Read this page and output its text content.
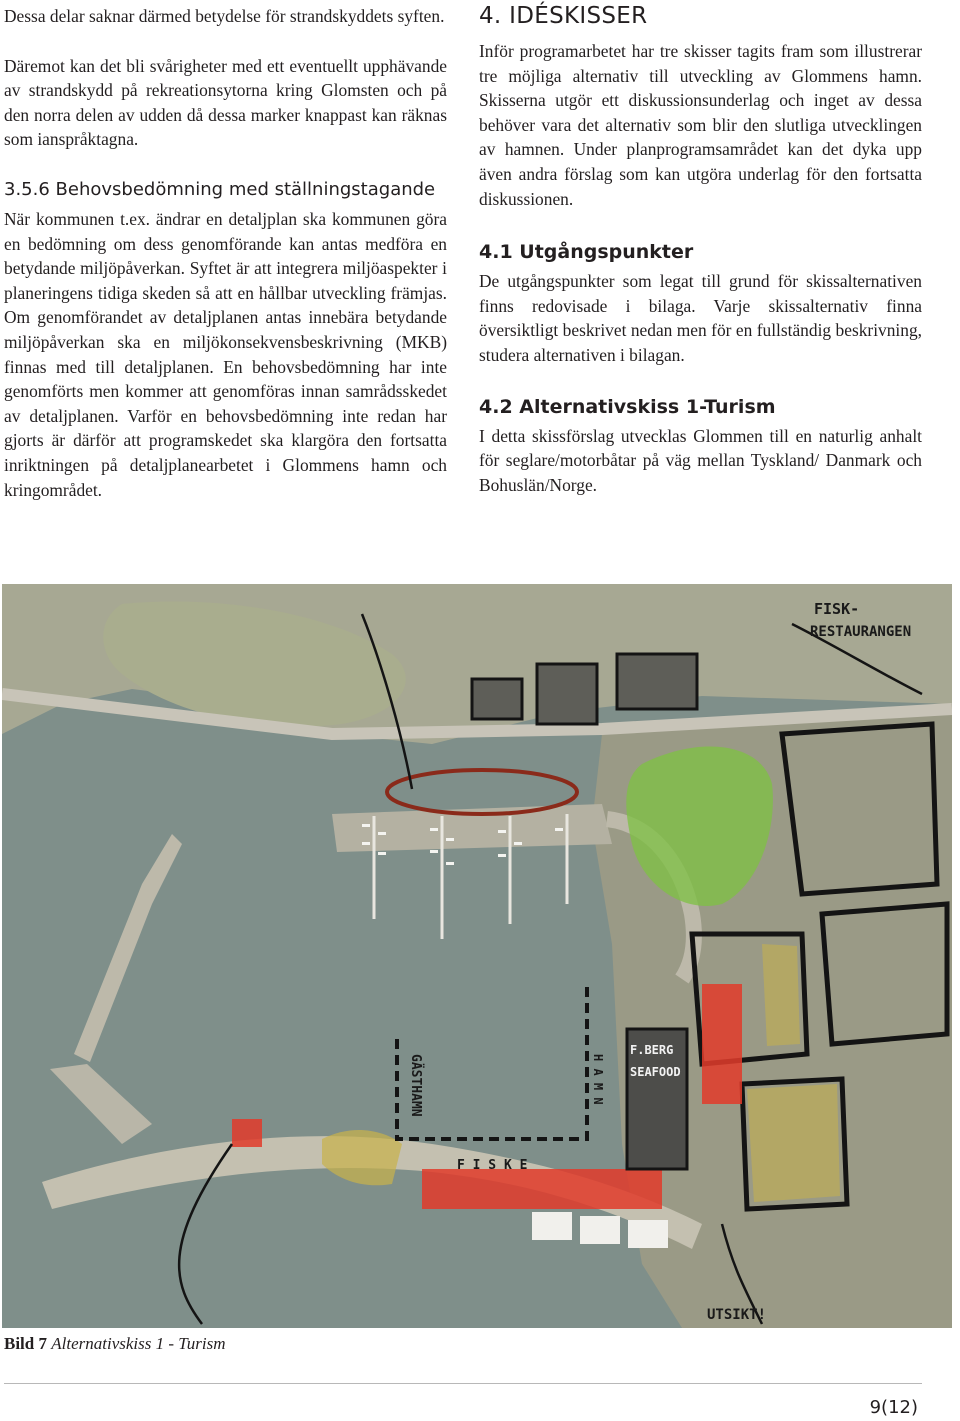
Dessa delar saknar därmed betydelse för strandskyddets syften.

Däremot kan det bli svårigheter med ett eventuellt upphävande av strandskydd på rekreationsytorna kring Glomsten och på den norra delen av udden då dessa marker knappast kan räknas som ianspråktagna.

3.5.6 Behovsbedömning med ställningstagande

När kommunen t.ex. ändrar en detaljplan ska kommunen göra en bedömning om dess genomförande kan antas medföra en betydande miljöpåverkan. Syftet är att integrera miljöaspekter i planeringens tidiga skeden så att en hållbar utveckling främjas. Om genomförandet av detaljplanen antas innebära betydande miljöpåverkan ska en miljökonsekvensbeskrivning (MKB) finnas med till detaljplanen. En behovsbedömning har inte genomförts men kommer att genomföras innan samrådsskedet av detaljplanen. Varför en behovsbedömning inte redan har gjorts är därför att programskedet ska klargöra den fortsatta inriktningen på detaljplanearbetet i Glommens hamn och kringområdet.

4. IDÉSKISSER

Inför programarbetet har tre skisser tagits fram som illustrerar tre möjliga alternativ till utveckling av Glommens hamn. Skisserna utgör ett diskussionsunderlag och inget av dessa behöver vara det alternativ som blir den slutliga utvecklingen av hamnen. Under planprogramsamrådet kan det dyka upp även andra förslag som kan utgöra underlag för den fortsatta diskussionen.

4.1 Utgångspunkter

De utgångspunkter som legat till grund för skissalternativen finns redovisade i bilaga. Varje skissalternativ finna översiktligt beskrivet nedan men för en fullständig beskrivning, studera alternativen i bilagan.

4.2 Alternativskiss 1-Turism

I detta skissförslag utvecklas Glommen till en naturlig anhalt för seglare/motorbåtar på väg mellan Tyskland/ Danmark och Bohuslän/Norge.

FISK-
RESTAURANGEN
F.BERG
SEAFOOD
GÄSTHAMN
F I S K E
H A M N
UTSIKT!
Bild 7 Alternativskiss 1 - Turism
9(12)
